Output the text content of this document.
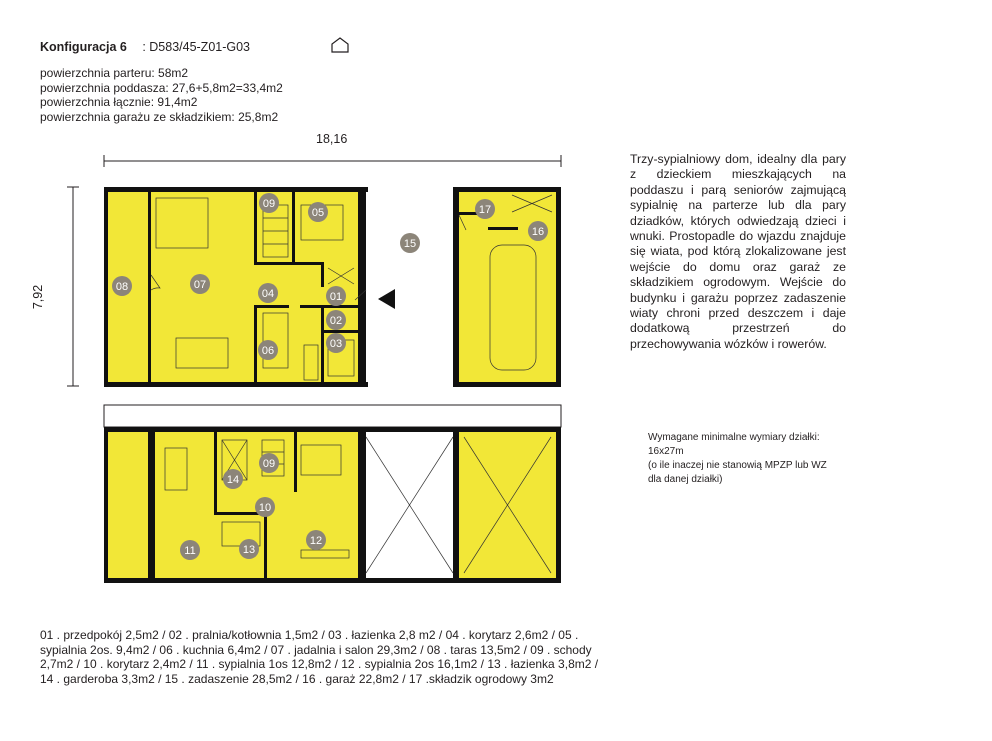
Konfiguracja 6 : D583/45-Z01-G03
powierzchnia parteru: 58m2
powierzchnia poddasza: 27,6+5,8m2=33,4m2
powierzchnia łącznie: 91,4m2
powierzchnia garażu ze składzikiem: 25,8m2
18,16
7,92
09
05
08	07
04	01
02
03
06
15
17
16
09
14
10
11	13
12
Trzy-sypialniowy dom, idealny dla pary z dzieckiem mieszkających na poddaszu i parą seniorów zajmującą sypialnię na parterze lub dla pary dziadków, których odwiedzają dzieci i wnuki. Prostopadle do wjazdu znajduje się wiata, pod którą zlokalizowane jest wejście do domu oraz garaż ze składzikiem ogrodowym. Wejście do budynku i garażu poprzez zadaszenie wiaty chroni przed deszczem i daje dodatkową przestrzeń do przechowywania wózków i rowerów.
Wymagane minimalne wymiary działki:
16x27m
(o ile inaczej nie stanowią MPZP lub WZ
dla danej działki)
01 . przedpokój 2,5m2 / 02 . pralnia/kotłownia 1,5m2 / 03 . łazienka 2,8 m2 / 04 . korytarz 2,6m2 / 05 . sypialnia 2os. 9,4m2 / 06 . kuchnia 6,4m2 / 07 . jadalnia i salon 29,3m2 / 08 . taras 13,5m2 / 09 . schody 2,7m2 / 10 . korytarz 2,4m2 / 11 . sypialnia 1os 12,8m2 / 12 . sypialnia 2os 16,1m2 / 13 . łazienka 3,8m2 / 14 . garderoba 3,3m2 / 15 . zadaszenie 28,5m2 / 16 . garaż 22,8m2 / 17 .składzik ogrodowy 3m2
